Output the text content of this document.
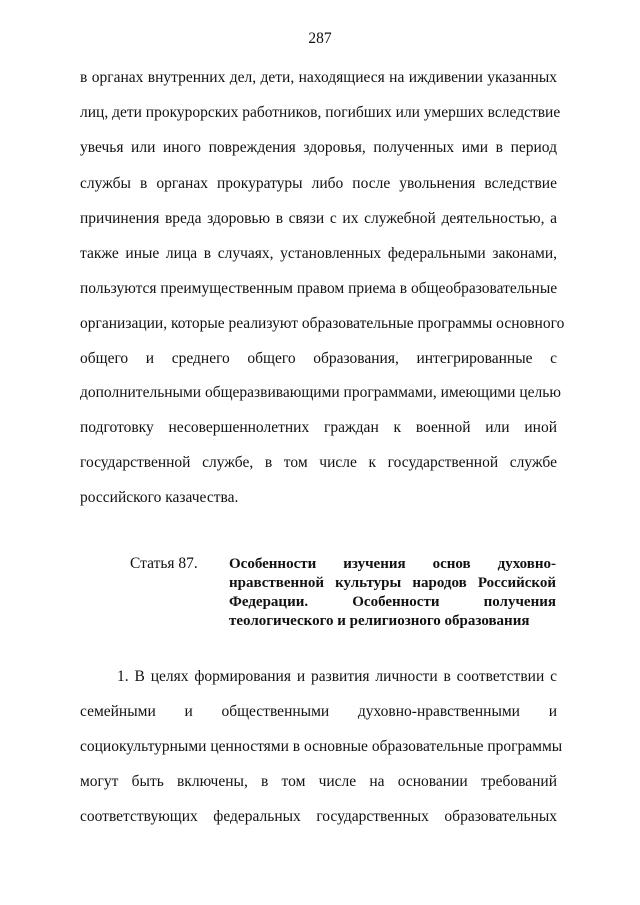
287
в органах внутренних дел, дети, находящиеся на иждивении указанных
лиц, дети прокурорских работников, погибших или умерших вследствие
увечья или иного повреждения здоровья, полученных ими в период
службы в органах прокуратуры либо после увольнения вследствие
причинения вреда здоровью в связи с их служебной деятельностью, а
также иные лица в случаях, установленных федеральными законами,
пользуются преимущественным правом приема в общеобразовательные
организации, которые реализуют образовательные программы основного
общего и среднего общего образования, интегрированные с
дополнительными общеразвивающими программами, имеющими целью
подготовку несовершеннолетних граждан к военной или иной
государственной службе, в том числе к государственной службе
российского казачества.
Статья 87. Особенности изучения основ духовно-
нравственной культуры народов Российской
Федерации. Особенности получения
теологического и религиозного образования
1. В целях формирования и развития личности в соответствии с
семейными и общественными духовно-нравственными и
социокультурными ценностями в основные образовательные программы
могут быть включены, в том числе на основании требований
соответствующих федеральных государственных образовательных
